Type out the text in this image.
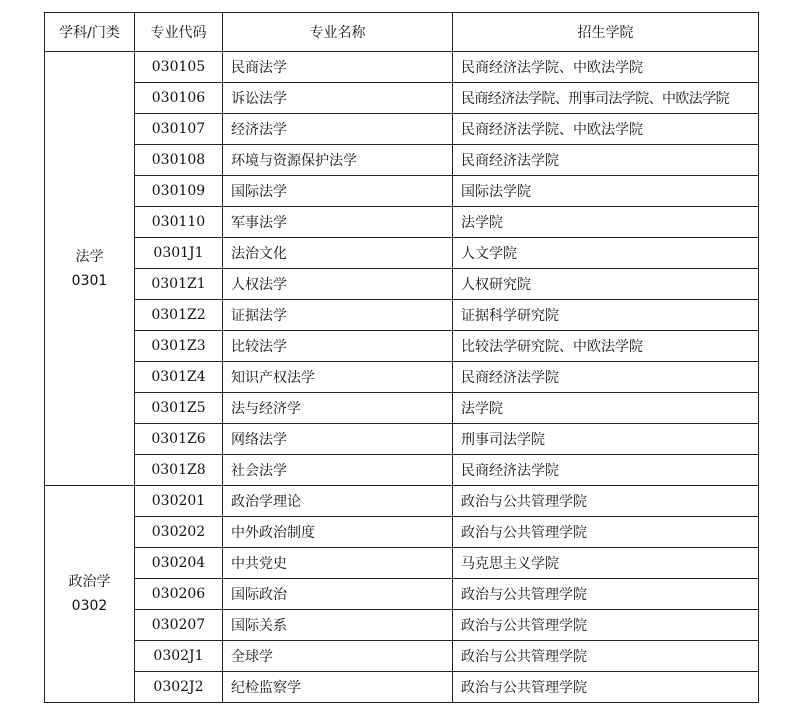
学科/门类	专业代码	专业名称	招生学院

法学
0301	030105	民商法学	民商经济法学院、中欧法学院
	030106	诉讼法学	民商经济法学院、刑事司法学院、中欧法学院
	030107	经济法学	民商经济法学院、中欧法学院
	030108	环境与资源保护法学	民商经济法学院
	030109	国际法学	国际法学院
	030110	军事法学	法学院
	0301J1	法治文化	人文学院
	0301Z1	人权法学	人权研究院
	0301Z2	证据法学	证据科学研究院
	0301Z3	比较法学	比较法学研究院、中欧法学院
	0301Z4	知识产权法学	民商经济法学院
	0301Z5	法与经济学	法学院
	0301Z6	网络法学	刑事司法学院
	0301Z8	社会法学	民商经济法学院

政治学
0302	030201	政治学理论	政治与公共管理学院
	030202	中外政治制度	政治与公共管理学院
	030204	中共党史	马克思主义学院
	030206	国际政治	政治与公共管理学院
	030207	国际关系	政治与公共管理学院
	0302J1	全球学	政治与公共管理学院
	0302J2	纪检监察学	政治与公共管理学院
